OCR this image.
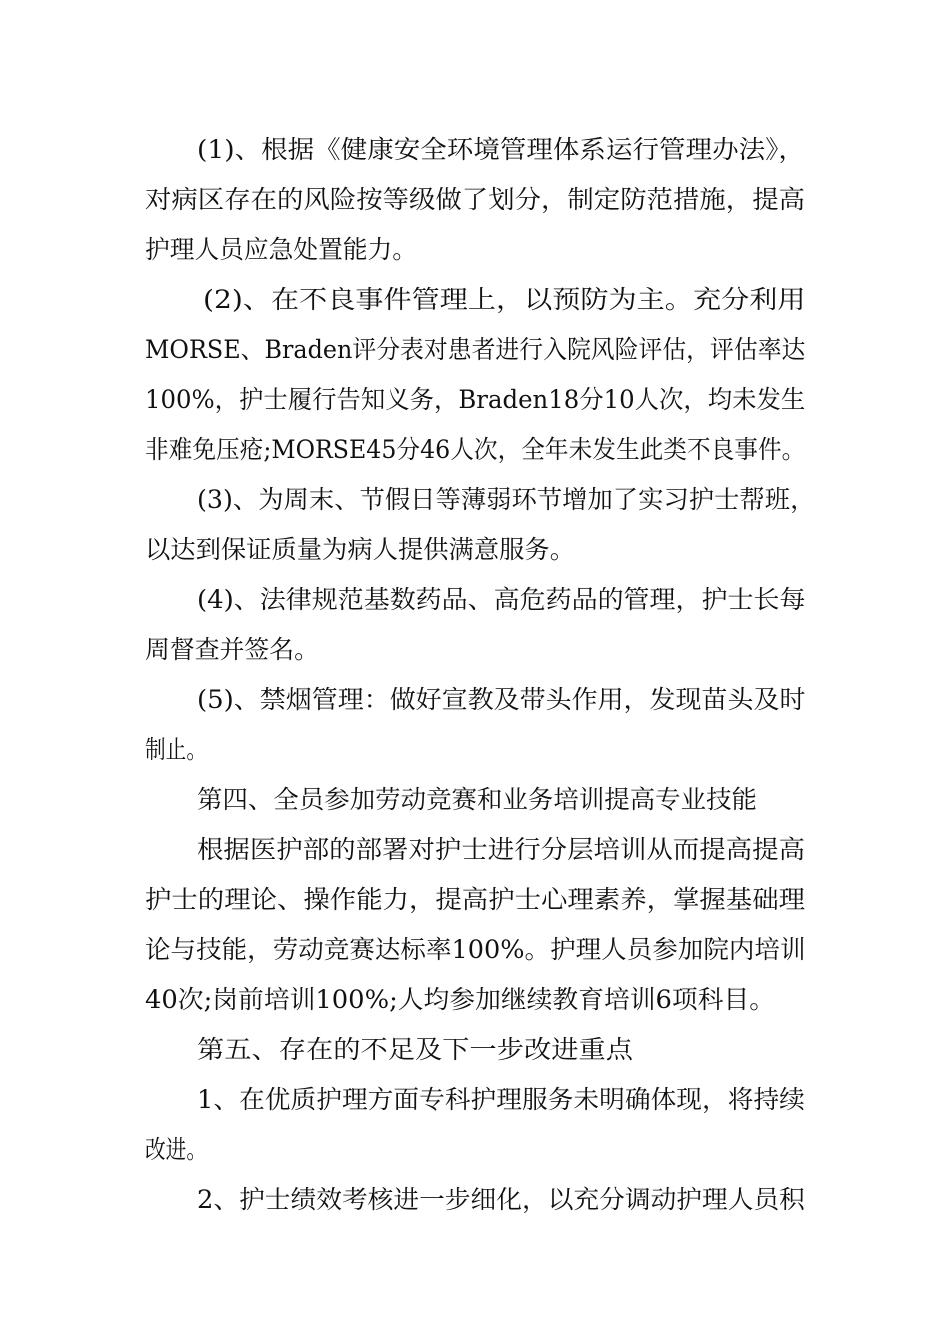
(1)、根据《健康安全环境管理体系运行管理办法》，
对病区存在的风险按等级做了划分，制定防范措施，提高
护理人员应急处置能力。
(2)、在不良事件管理上，以预防为主。充分利用
MORSE、Braden评分表对患者进行入院风险评估，评估率达
100%，护士履行告知义务，Braden18分10人次，均未发生
非难免压疮;MORSE45分46人次，全年未发生此类不良事件。
(3)、为周末、节假日等薄弱环节增加了实习护士帮班，
以达到保证质量为病人提供满意服务。
(4)、法律规范基数药品、高危药品的管理，护士长每
周督查并签名。
(5)、禁烟管理：做好宣教及带头作用，发现苗头及时
制止。
第四、全员参加劳动竞赛和业务培训提高专业技能
根据医护部的部署对护士进行分层培训从而提高提高
护士的理论、操作能力，提高护士心理素养，掌握基础理
论与技能，劳动竞赛达标率100%。护理人员参加院内培训
40次;岗前培训100%;人均参加继续教育培训6项科目。
第五、存在的不足及下一步改进重点
1、在优质护理方面专科护理服务未明确体现，将持续
改进。
2、护士绩效考核进一步细化，以充分调动护理人员积
